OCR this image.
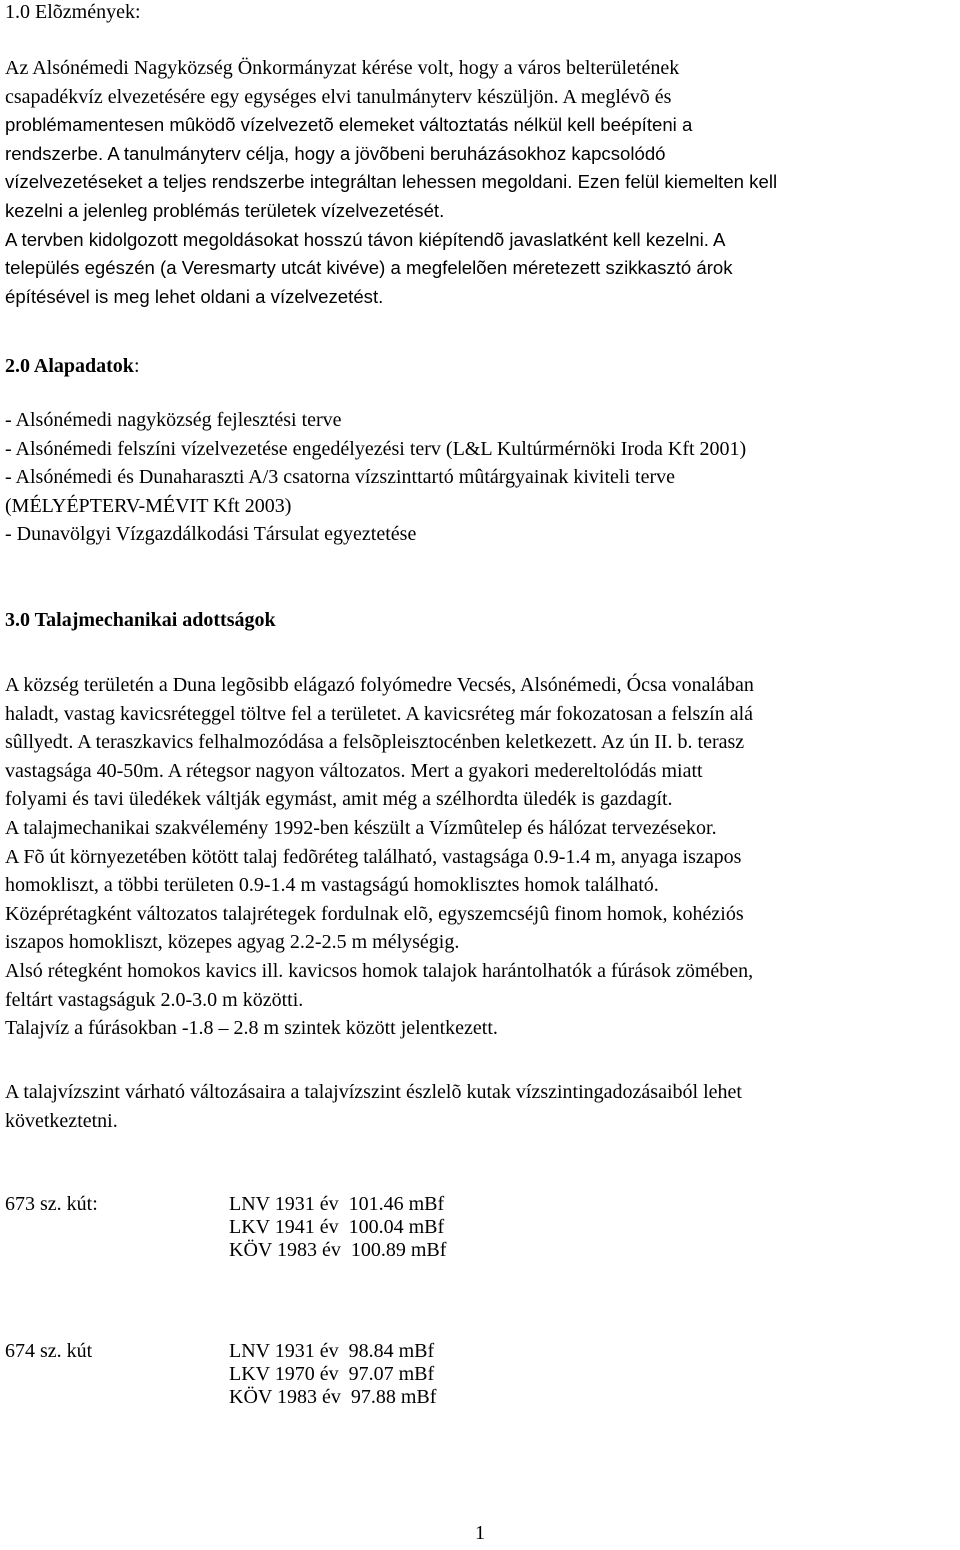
1.0 Elõzmények:

Az Alsónémedi Nagyközség Önkormányzat kérése volt, hogy a város belterületének
csapadékvíz elvezetésére egy egységes elvi tanulmányterv készüljön. A meglévõ és
problémamentesen mûködõ vízelvezetõ elemeket változtatás nélkül kell beépíteni a
rendszerbe. A tanulmányterv célja, hogy a jövõbeni beruházásokhoz kapcsolódó
vízelvezetéseket a teljes rendszerbe integráltan lehessen megoldani. Ezen felül kiemelten kell
kezelni a jelenleg problémás területek vízelvezetését.
A tervben kidolgozott megoldásokat hosszú távon kiépítendõ javaslatként kell kezelni. A
település egészén (a Veresmarty utcát kivéve) a megfelelõen méretezett szikkasztó árok
építésével is meg lehet oldani a vízelvezetést.

2.0 Alapadatok:

- Alsónémedi nagyközség fejlesztési terve
- Alsónémedi felszíni vízelvezetése engedélyezési terv (L&L Kultúrmérnöki Iroda Kft 2001)
- Alsónémedi és Dunaharaszti A/3 csatorna vízszinttartó mûtárgyainak kiviteli terve
(MÉLYÉPTERV-MÉVIT Kft 2003)
- Dunavölgyi Vízgazdálkodási Társulat egyeztetése

3.0 Talajmechanikai adottságok

A község területén a Duna legõsibb elágazó folyómedre Vecsés, Alsónémedi, Ócsa vonalában
haladt, vastag kavicsréteggel töltve fel a területet. A kavicsréteg már fokozatosan a felszín alá
sûllyedt. A teraszkavics felhalmozódása a felsõpleisztocénben keletkezett. Az ún II. b. terasz
vastagsága 40-50m. A rétegsor nagyon változatos. Mert a gyakori medereltolódás miatt
folyami és tavi üledékek váltják egymást, amit még a szélhordta üledék is gazdagít.
A talajmechanikai szakvélemény 1992-ben készült a Vízmûtelep és hálózat tervezésekor.
A Fõ út környezetében kötött talaj fedõréteg található, vastagsága 0.9-1.4 m, anyaga iszapos
homokliszt, a többi területen 0.9-1.4 m vastagságú homoklisztes homok található.
Középrétagként változatos talajrétegek fordulnak elõ, egyszemcséjû finom homok, kohéziós
iszapos homokliszt, közepes agyag 2.2-2.5 m mélységig.
Alsó rétegként homokos kavics ill. kavicsos homok talajok harántolhatók a fúrások zömében,
feltárt vastagságuk 2.0-3.0 m közötti.
Talajvíz a fúrásokban -1.8 – 2.8 m szintek között jelentkezett.
A talajvízszint várható változásaira a talajvízszint észlelõ kutak vízszintingadozásaiból lehet
következtetni.
673 sz. kút:	LNV 1931 év  101.46 mBf
LKV 1941 év  100.04 mBf
KÖV 1983 év  100.89 mBf
674 sz. kút	LNV 1931 év  98.84 mBf
LKV 1970 év  97.07 mBf
KÖV 1983 év  97.88 mBf
1
